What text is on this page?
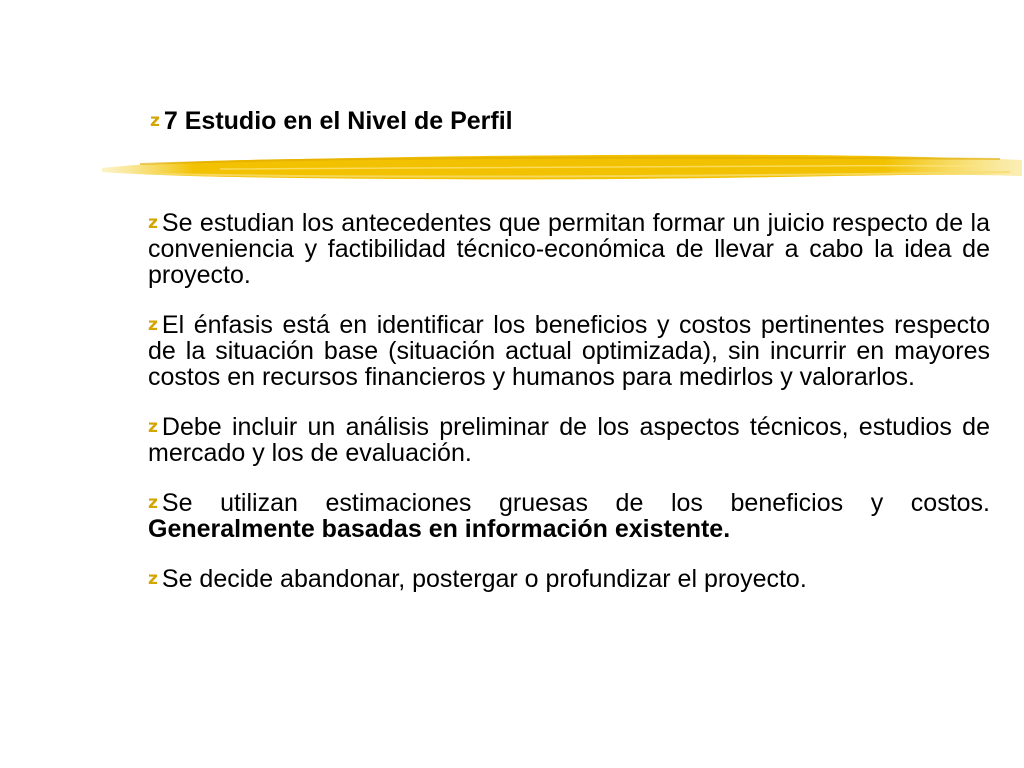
z 7 Estudio en el Nivel de Perfil

z Se estudian los antecedentes que permitan formar un juicio respecto de la conveniencia y factibilidad técnico-económica de llevar a cabo la idea de proyecto.

z El énfasis está en identificar los beneficios y costos pertinentes respecto de la situación base (situación actual optimizada), sin incurrir en mayores costos en recursos financieros y humanos para medirlos y valorarlos.

z Debe incluir un análisis preliminar de los aspectos técnicos, estudios de mercado y los de evaluación.

z Se utilizan estimaciones gruesas de los beneficios y costos. Generalmente basadas en información existente.

z Se decide abandonar, postergar o profundizar el proyecto.
